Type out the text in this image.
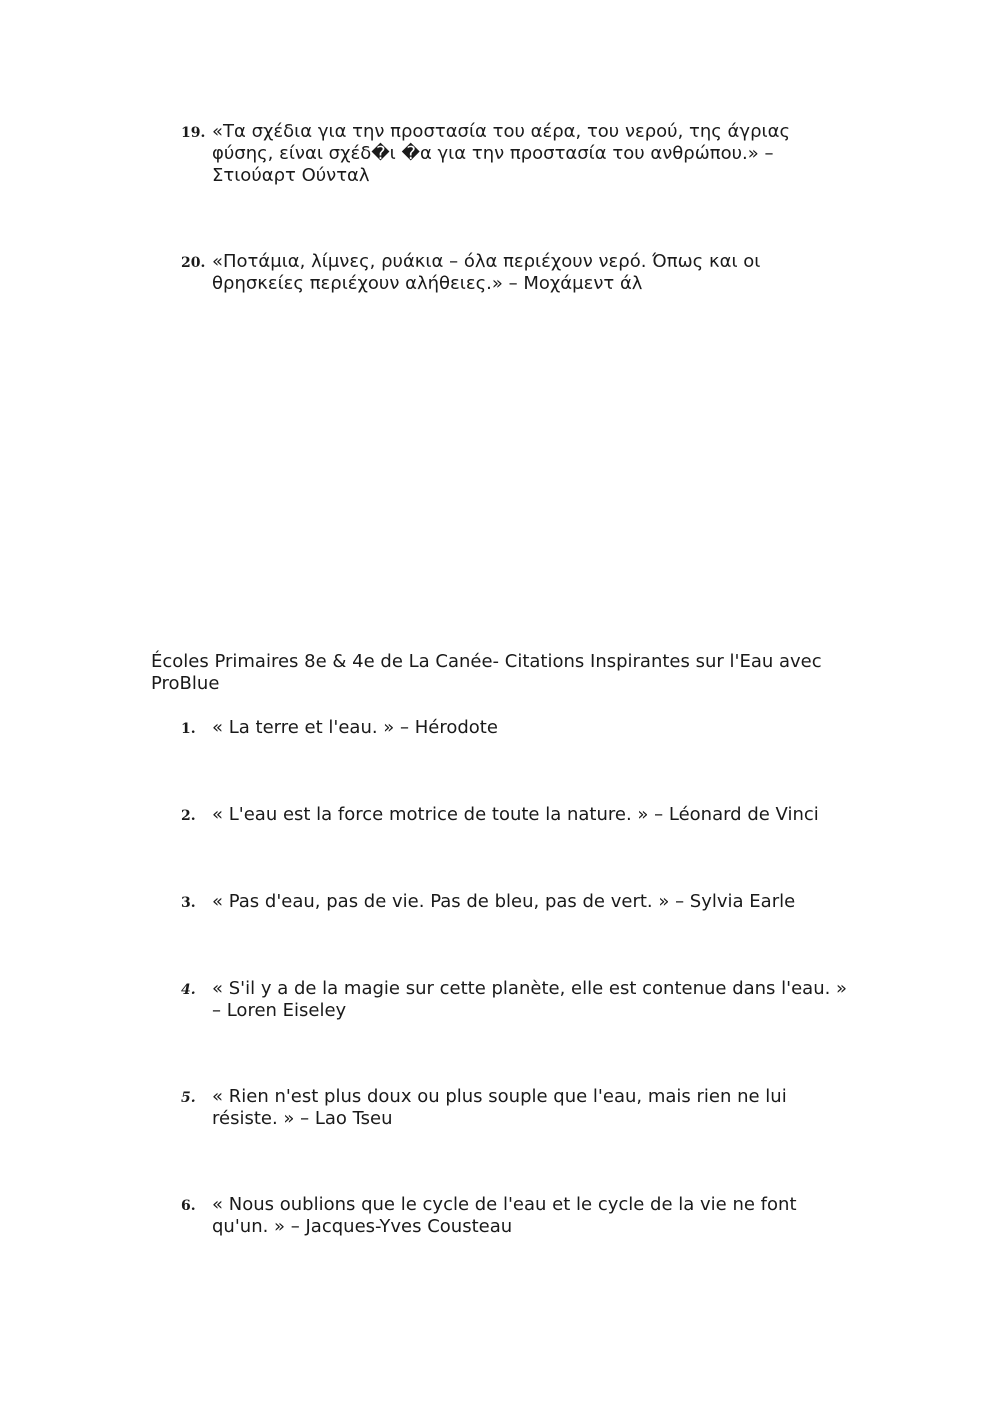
19. «Τα σχέδια για την προστασία του αέρα, του νερού, της άγριας φύσης, είναι σχέδ�ι �α για την προστασία του ανθρώπου.» – Στιούαρτ Ούνταλ
20. «Ποτάμια, λίμνες, ρυάκια – όλα περιέχουν νερό. Όπως και οι θρησκείες περιέχουν αλήθειες.» – Μοχάμεντ άλ
Écoles Primaires 8e & 4e de La Canée- Citations Inspirantes sur l'Eau avec ProBlue
1. « La terre et l'eau. » – Hérodote
2. « L'eau est la force motrice de toute la nature. » – Léonard de Vinci
3. « Pas d'eau, pas de vie. Pas de bleu, pas de vert. » – Sylvia Earle
4. « S'il y a de la magie sur cette planète, elle est contenue dans l'eau. » – Loren Eiseley
5. « Rien n'est plus doux ou plus souple que l'eau, mais rien ne lui résiste. » – Lao Tseu
6. « Nous oublions que le cycle de l'eau et le cycle de la vie ne font qu'un. » – Jacques-Yves Cousteau
